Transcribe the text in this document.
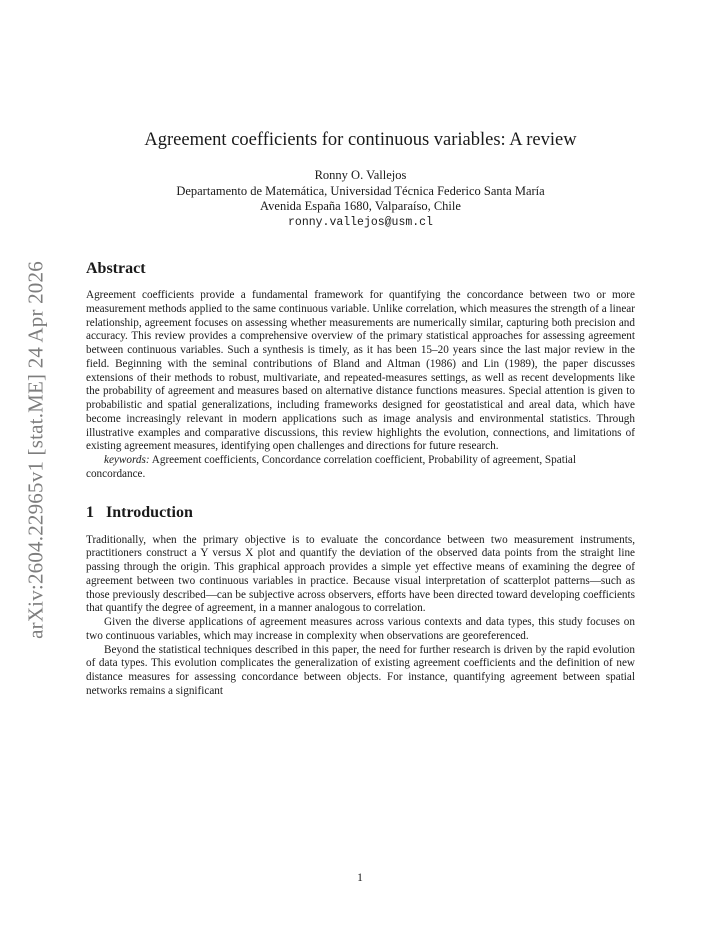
arXiv:2604.22965v1 [stat.ME] 24 Apr 2026
Agreement coefficients for continuous variables: A review
Ronny O. Vallejos
Departamento de Matemática, Universidad Técnica Federico Santa María
Avenida España 1680, Valparaíso, Chile
ronny.vallejos@usm.cl
Abstract

Agreement coefficients provide a fundamental framework for quantifying the concordance between two or more measurement methods applied to the same continuous variable. Unlike correlation, which measures the strength of a linear relationship, agreement focuses on assessing whether measurements are numerically similar, capturing both precision and accuracy. This review provides a comprehensive overview of the primary statistical approaches for assessing agreement between continuous variables. Such a synthesis is timely, as it has been 15–20 years since the last major review in the field. Beginning with the seminal contributions of Bland and Altman (1986) and Lin (1989), the paper discusses extensions of their methods to robust, multivariate, and repeated-measures settings, as well as recent developments like the probability of agreement and measures based on alternative distance functions measures. Special attention is given to probabilistic and spatial generalizations, including frameworks designed for geostatistical and areal data, which have become increasingly relevant in modern applications such as image analysis and environmental statistics. Through illustrative examples and comparative discussions, this review highlights the evolution, connections, and limitations of existing agreement measures, identifying open challenges and directions for future research.

keywords: Agreement coefficients, Concordance correlation coefficient, Probability of agreement, Spatial concordance.

1 Introduction

Traditionally, when the primary objective is to evaluate the concordance between two measurement instruments, practitioners construct a Y versus X plot and quantify the deviation of the observed data points from the straight line passing through the origin. This graphical approach provides a simple yet effective means of examining the degree of agreement between two continuous variables in practice. Because visual interpretation of scatterplot patterns—such as those previously described—can be subjective across observers, efforts have been directed toward developing coefficients that quantify the degree of agreement, in a manner analogous to correlation.

Given the diverse applications of agreement measures across various contexts and data types, this study focuses on two continuous variables, which may increase in complexity when observations are georeferenced.

Beyond the statistical techniques described in this paper, the need for further research is driven by the rapid evolution of data types. This evolution complicates the generalization of existing agreement coefficients and the definition of new distance measures for assessing concordance between objects. For instance, quantifying agreement between spatial networks remains a significant

1
